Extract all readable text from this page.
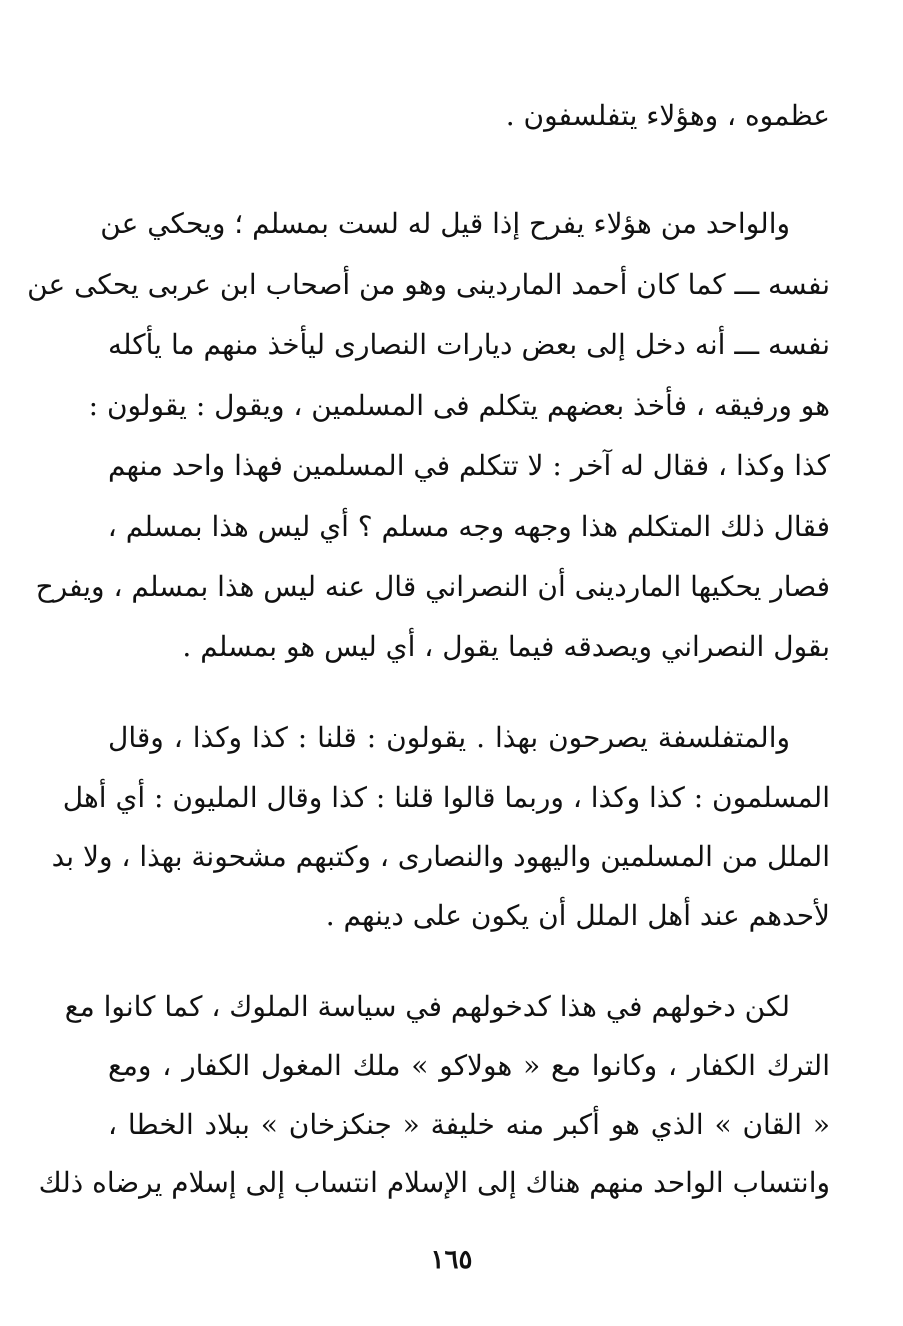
عظموه ، وهؤلاء يتفلسفون .
والواحد من هؤلاء يفرح إذا قيل له لست بمسلم ؛ ويحكي عن
نفسه ـــ كما كان أحمد الماردينى وهو من أصحاب ابن عربى يحكى عن
نفسه ـــ أنه دخل إلى بعض ديارات النصارى ليأخذ منهم ما يأكله
هو ورفيقه ، فأخذ بعضهم يتكلم فى المسلمين ، ويقول : يقولون :
كذا وكذا ، فقال له آخر : لا تتكلم في المسلمين فهذا واحد منهم
فقال ذلك المتكلم هذا وجهه وجه مسلم ؟ أي ليس هذا بمسلم ،
فصار يحكيها الماردينى أن النصراني قال عنه ليس هذا بمسلم ، ويفرح
بقول النصراني ويصدقه فيما يقول ، أي ليس هو بمسلم .
والمتفلسفة يصرحون بهذا . يقولون : قلنا : كذا وكذا ، وقال
المسلمون : كذا وكذا ، وربما قالوا قلنا : كذا وقال المليون : أي أهل
الملل من المسلمين واليهود والنصارى ، وكتبهم مشحونة بهذا ، ولا بد
لأحدهم عند أهل الملل أن يكون على دينهم .
لكن دخولهم في هذا كدخولهم في سياسة الملوك ، كما كانوا مع
الترك الكفار ، وكانوا مع « هولاكو » ملك المغول الكفار ، ومع
« القان » الذي هو أكبر منه خليفة « جنكزخان » ببلاد الخطا ،
وانتساب الواحد منهم هناك إلى الإسلام انتساب إلى إسلام يرضاه ذلك
١٦٥
